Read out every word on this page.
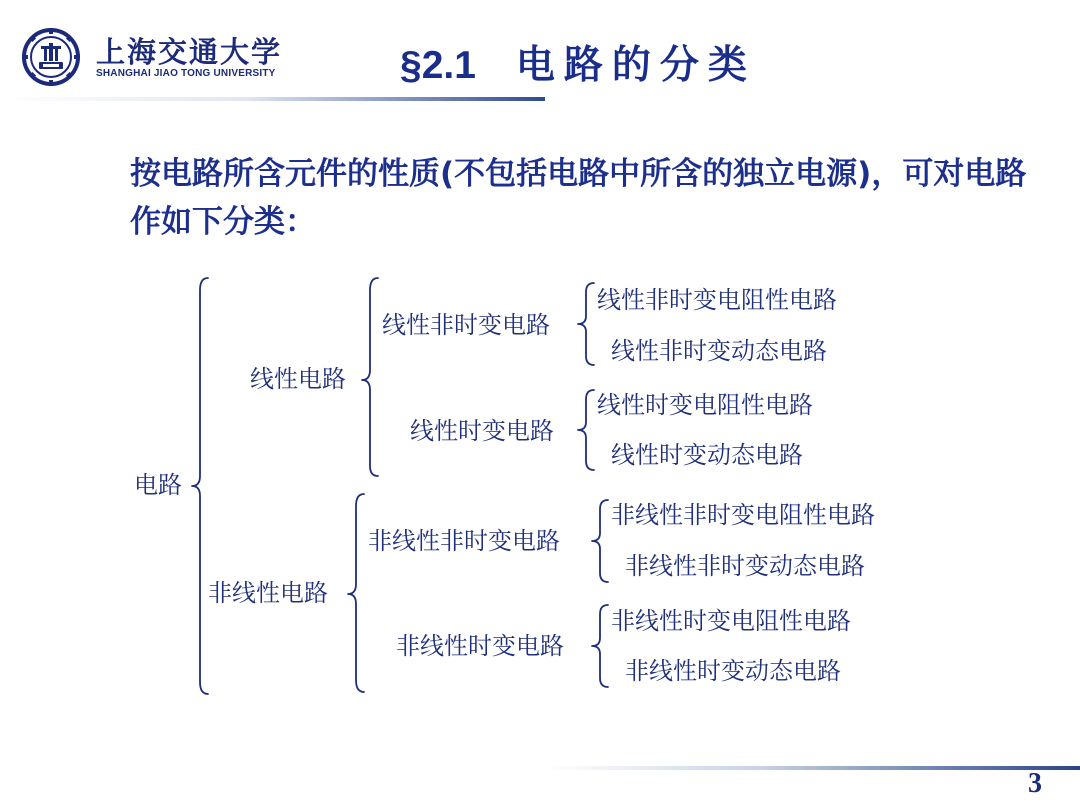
上海交通大学
SHANGHAI JIAO TONG UNIVERSITY	§2.1 电路的分类
按电路所含元件的性质(不包括电路中所含的独立电源)，可对电路作如下分类：
电路
线性电路
线性非时变电路
线性非时变电阻性电路
线性非时变动态电路
线性时变电路
线性时变电阻性电路
线性时变动态电路
非线性电路
非线性非时变电路
非线性非时变电阻性电路
非线性非时变动态电路
非线性时变电路
非线性时变电阻性电路
非线性时变动态电路
3
